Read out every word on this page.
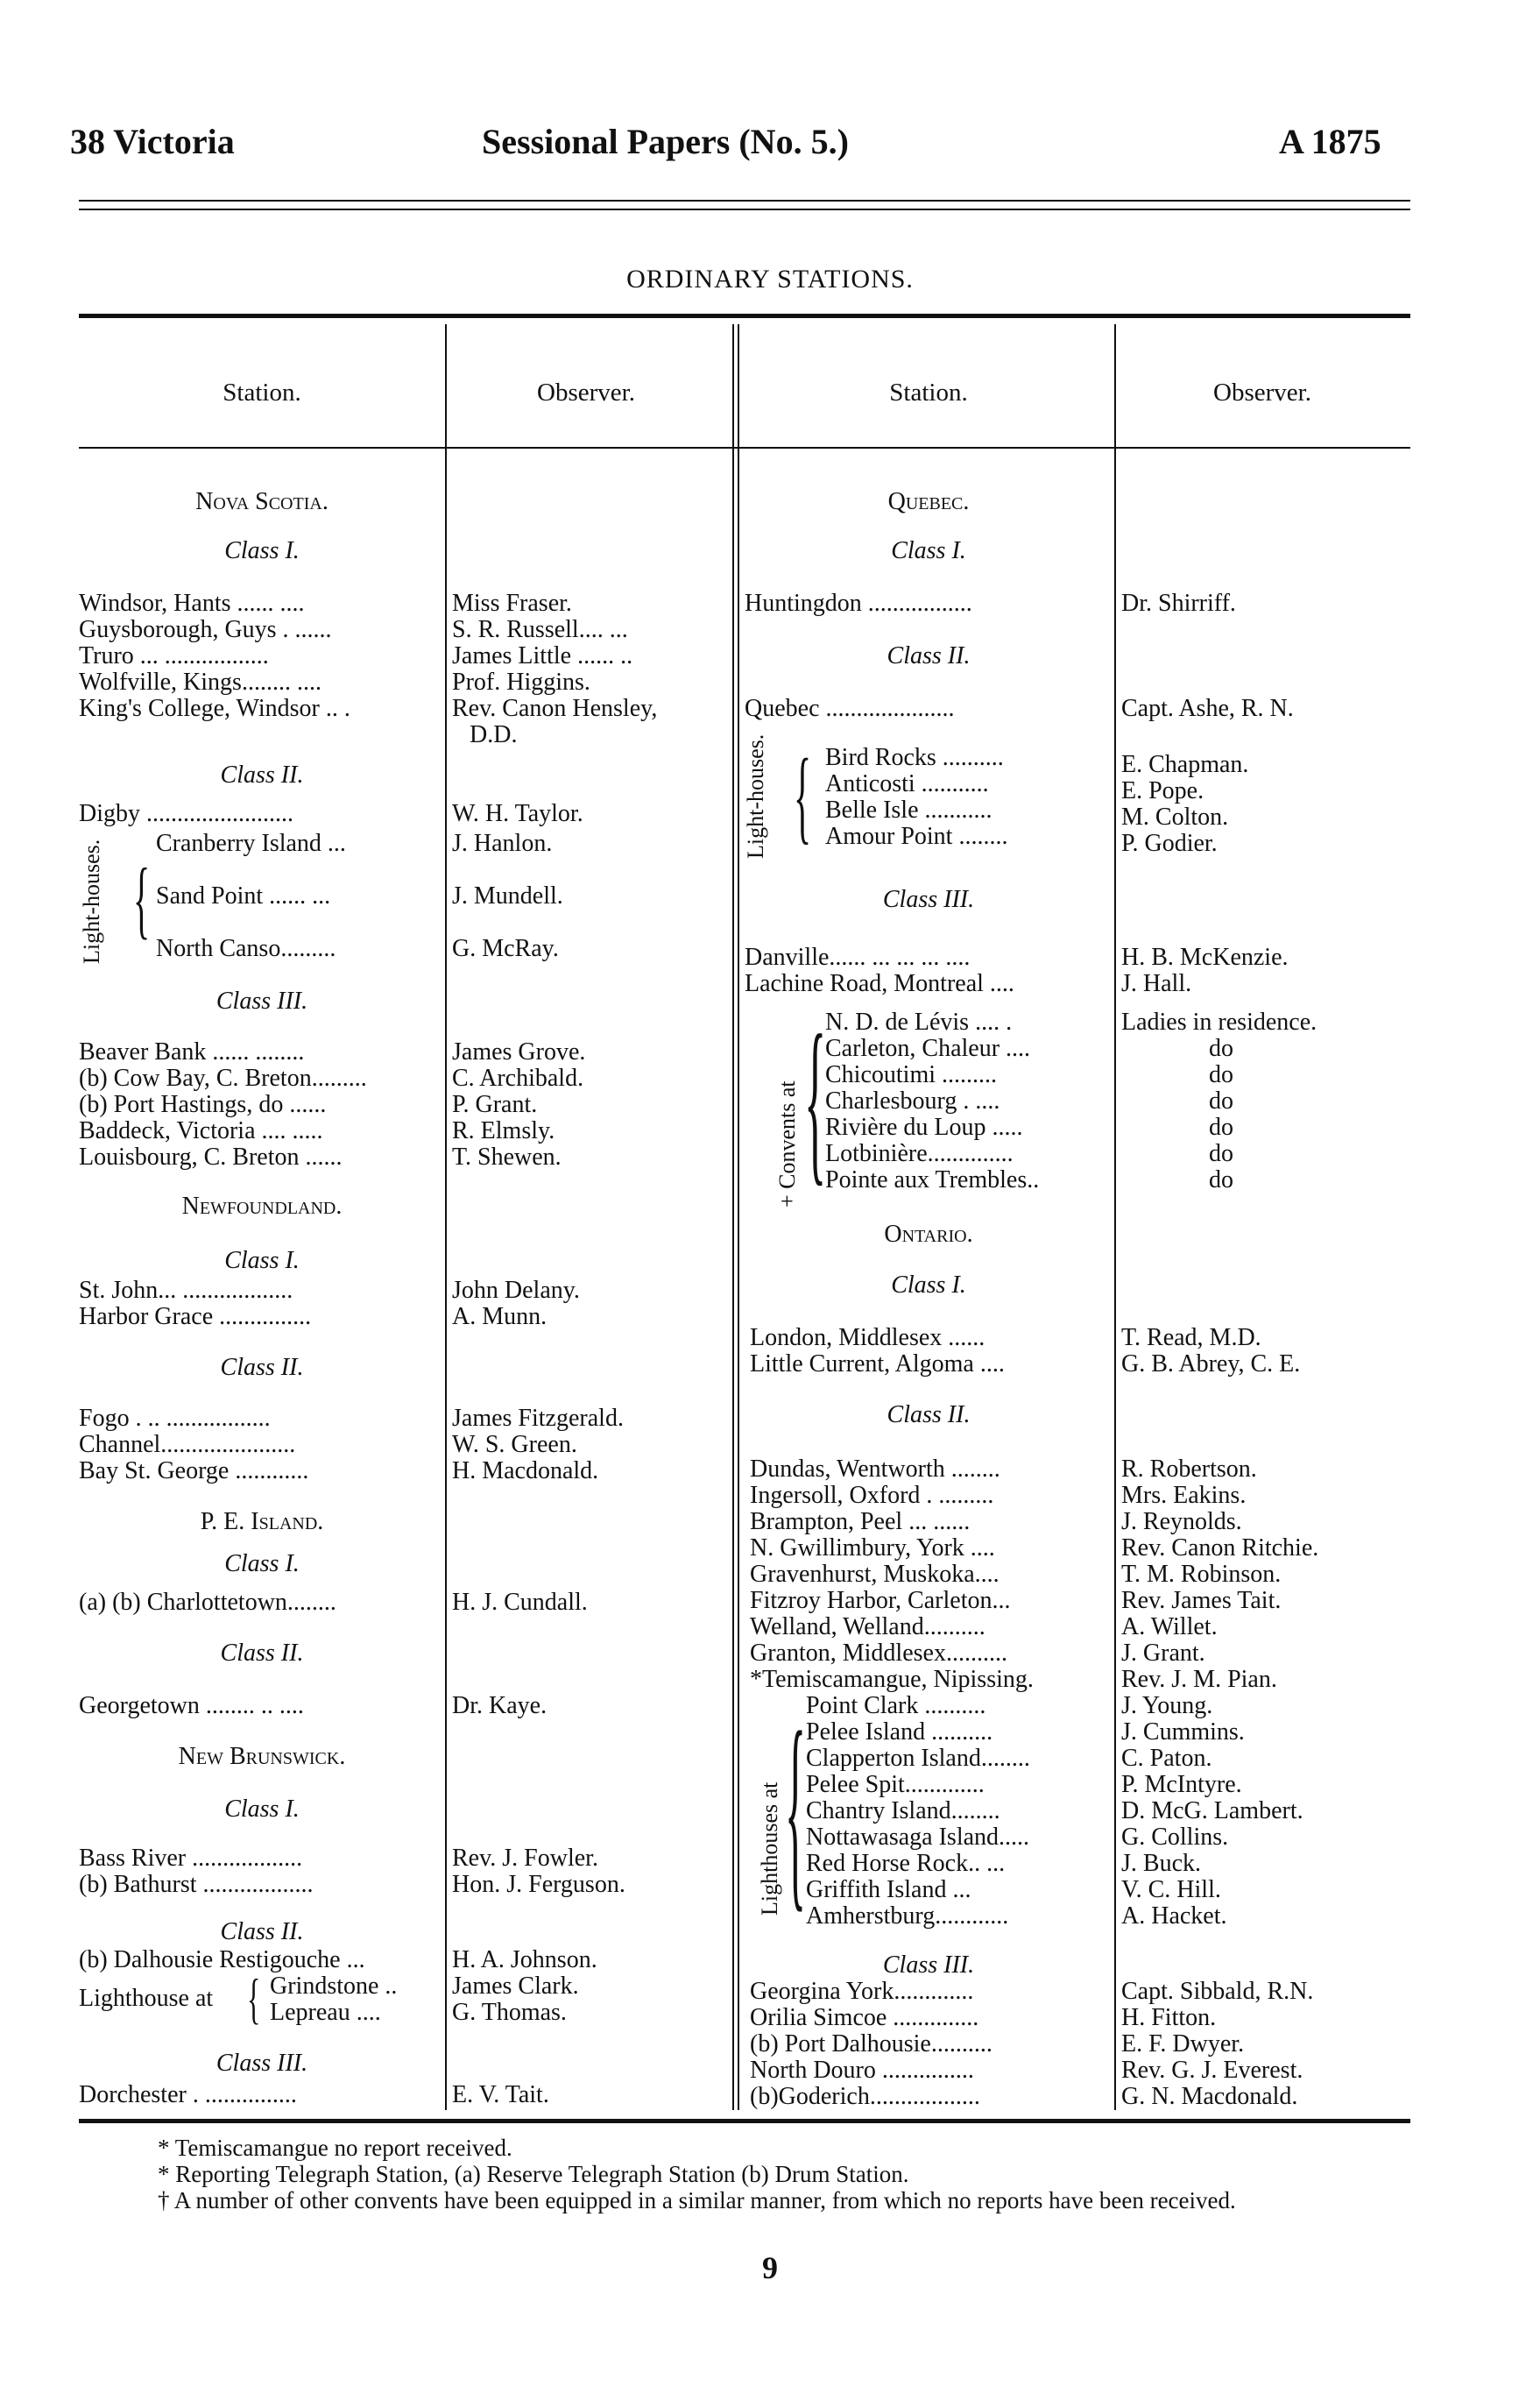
38 Victoria	Sessional Papers (No. 5.)	A 1875
ORDINARY STATIONS.
Station.	Observer.	Station.	Observer.
Nova Scotia.
Class I.
Windsor, Hants ...... ....	Miss Fraser.
Guysborough, Guys . ......	S. R. Russell.... ...
Truro ... .................	James Little ...... ..
Wolfville, Kings........ ....	Prof. Higgins.
King's College, Windsor .. .	Rev. Canon Hensley,
D.D.
Class II.
Digby ........................	W. H. Taylor.
Light-houses. {
Cranberry Island ...	J. Hanlon.
Sand Point ...... ...	J. Mundell.
North Canso.........	G. McRay.
Class III.
Beaver Bank ...... ........	James Grove.
(b) Cow Bay, C. Breton.........	C. Archibald.
(b) Port Hastings, do ......	P. Grant.
Baddeck, Victoria .... .....	R. Elmsly.
Louisbourg, C. Breton ......	T. Shewen.
Newfoundland.
Class I.
St. John... ..................	John Delany.
Harbor Grace ...............	A. Munn.
Class II.
Fogo . .. .................	James Fitzgerald.
Channel......................	W. S. Green.
Bay St. George ............	H. Macdonald.
P. E. Island.
Class I.
(a) (b) Charlottetown........	H. J. Cundall.
Class II.
Georgetown ........ .. ....	Dr. Kaye.
New Brunswick.
Class I.
Bass River ..................	Rev. J. Fowler.
(b) Bathurst ..................	Hon. J. Ferguson.
Class II.
(b) Dalhousie Restigouche ...	H. A. Johnson.
Lighthouse at { Grindstone ..	James Clark.
Lepreau ....	G. Thomas.
Class III.
Dorchester . ...............	E. V. Tait.
Quebec.
Class I.
Huntingdon .................	Dr. Shirriff.
Class II.
Quebec .....................	Capt. Ashe, R. N.
Light-houses. { Bird Rocks ..........	E. Chapman.
Anticosti ...........	E. Pope.
Belle Isle ...........	M. Colton.
Amour Point ........	P. Godier.
Class III.
Danville...... ... ... ... ....	H. B. McKenzie.
Lachine Road, Montreal ....	J. Hall.
+ Convents at {
N. D. de Lévis .... .	Ladies in residence.
Carleton, Chaleur ....	do
Chicoutimi .........	do
Charlesbourg . ....	do
Rivière du Loup .....	do
Lotbinière..............	do
Pointe aux Trembles..	do
Ontario.
Class I.
London, Middlesex ......	T. Read, M.D.
Little Current, Algoma ....	G. B. Abrey, C. E.
Class II.
Dundas, Wentworth ........	R. Robertson.
Ingersoll, Oxford . .........	Mrs. Eakins.
Brampton, Peel ... ......	J. Reynolds.
N. Gwillimbury, York ....	Rev. Canon Ritchie.
Gravenhurst, Muskoka....	T. M. Robinson.
Fitzroy Harbor, Carleton...	Rev. James Tait.
Welland, Welland..........	A. Willet.
Granton, Middlesex..........	J. Grant.
*Temiscamangue, Nipissing.	Rev. J. M. Pian.
Lighthouses at { Point Clark ..........	J. Young.
Pelee Island ..........	J. Cummins.
Clapperton Island........	C. Paton.
Pelee Spit.............	P. McIntyre.
Chantry Island........	D. McG. Lambert.
Nottawasaga Island.....	G. Collins.
Red Horse Rock.. ...	J. Buck.
Griffith Island ...	V. C. Hill.
Amherstburg............	A. Hacket.
Class III.
Georgina York.............	Capt. Sibbald, R.N.
Orilia Simcoe ..............	H. Fitton.
(b) Port Dalhousie..........	E. F. Dwyer.
North Douro ...............	Rev. G. J. Everest.
(b)Goderich..................	G. N. Macdonald.
* Temiscamangue no report received.
* Reporting Telegraph Station, (a) Reserve Telegraph Station (b) Drum Station.
† A number of other convents have been equipped in a similar manner, from which no reports have been received.
9
